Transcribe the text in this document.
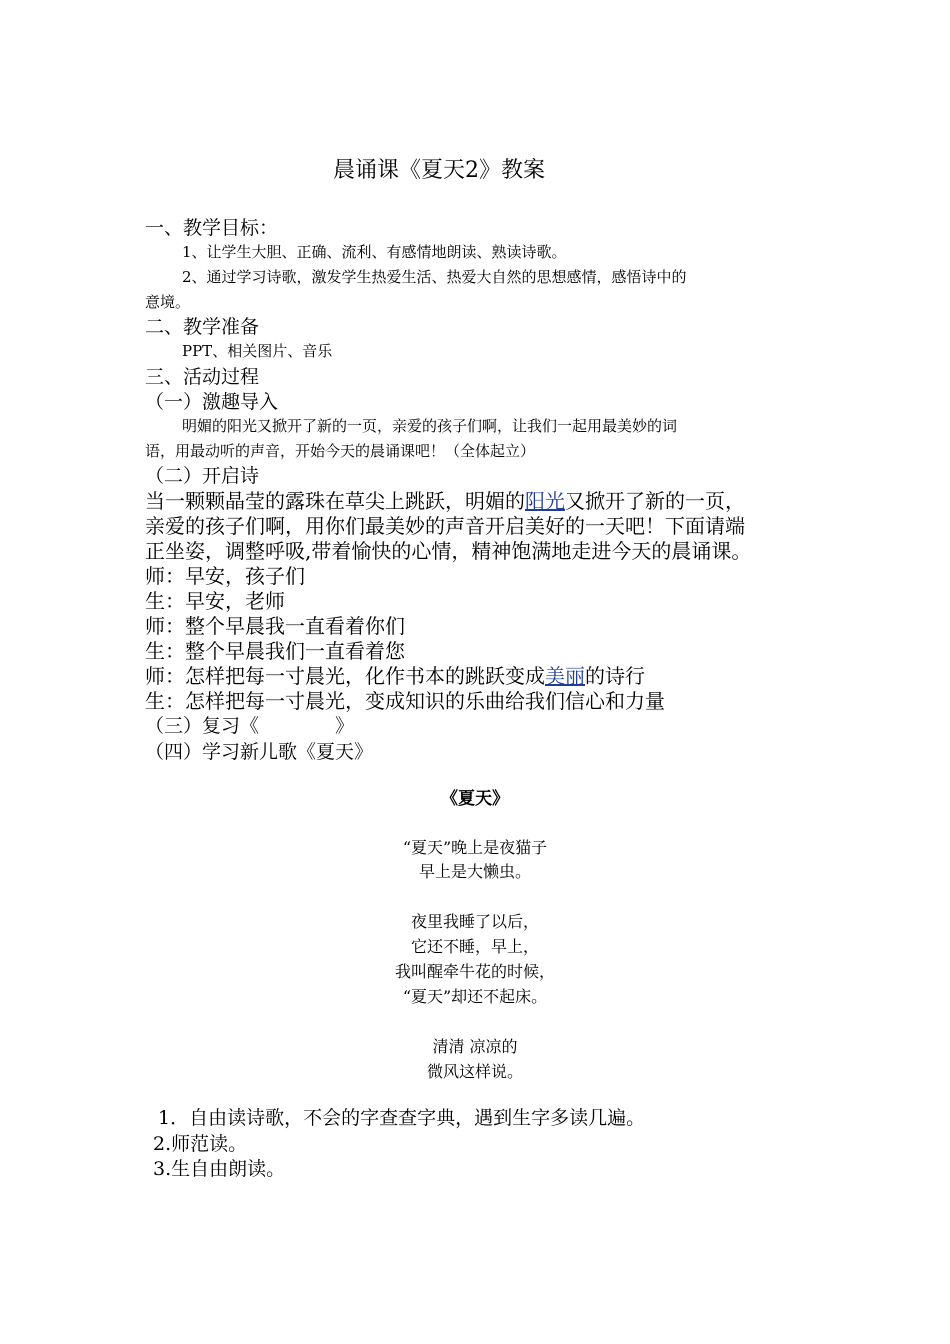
晨诵课《夏天2》教案
一、教学目标：
1、让学生大胆、正确、流利、有感情地朗读、熟读诗歌。
2、通过学习诗歌，激发学生热爱生活、热爱大自然的思想感情，感悟诗中的
意境。
二、教学准备
PPT、相关图片、音乐
三、活动过程
（一）激趣导入
明媚的阳光又掀开了新的一页，亲爱的孩子们啊，让我们一起用最美妙的词
语，用最动听的声音，开始今天的晨诵课吧！（全体起立）
（二）开启诗
当一颗颗晶莹的露珠在草尖上跳跃，明媚的阳光又掀开了新的一页，
亲爱的孩子们啊，用你们最美妙的声音开启美好的一天吧！下面请端
正坐姿，调整呼吸,带着愉快的心情，精神饱满地走进今天的晨诵课。
师：早安，孩子们
生：早安，老师
师：整个早晨我一直看着你们
生：整个早晨我们一直看着您
师：怎样把每一寸晨光，化作书本的跳跃变成美丽的诗行
生：怎样把每一寸晨光，变成知识的乐曲给我们信心和力量
（三）复习《　　　　》
（四）学习新儿歌《夏天》
《夏天》
“夏天”晚上是夜猫子
早上是大懒虫。
夜里我睡了以后，
它还不睡，早上，
我叫醒牵牛花的时候，
“夏天”却还不起床。
清清 凉凉的
微风这样说。
1．自由读诗歌，不会的字查查字典，遇到生字多读几遍。
2.师范读。
3.生自由朗读。
